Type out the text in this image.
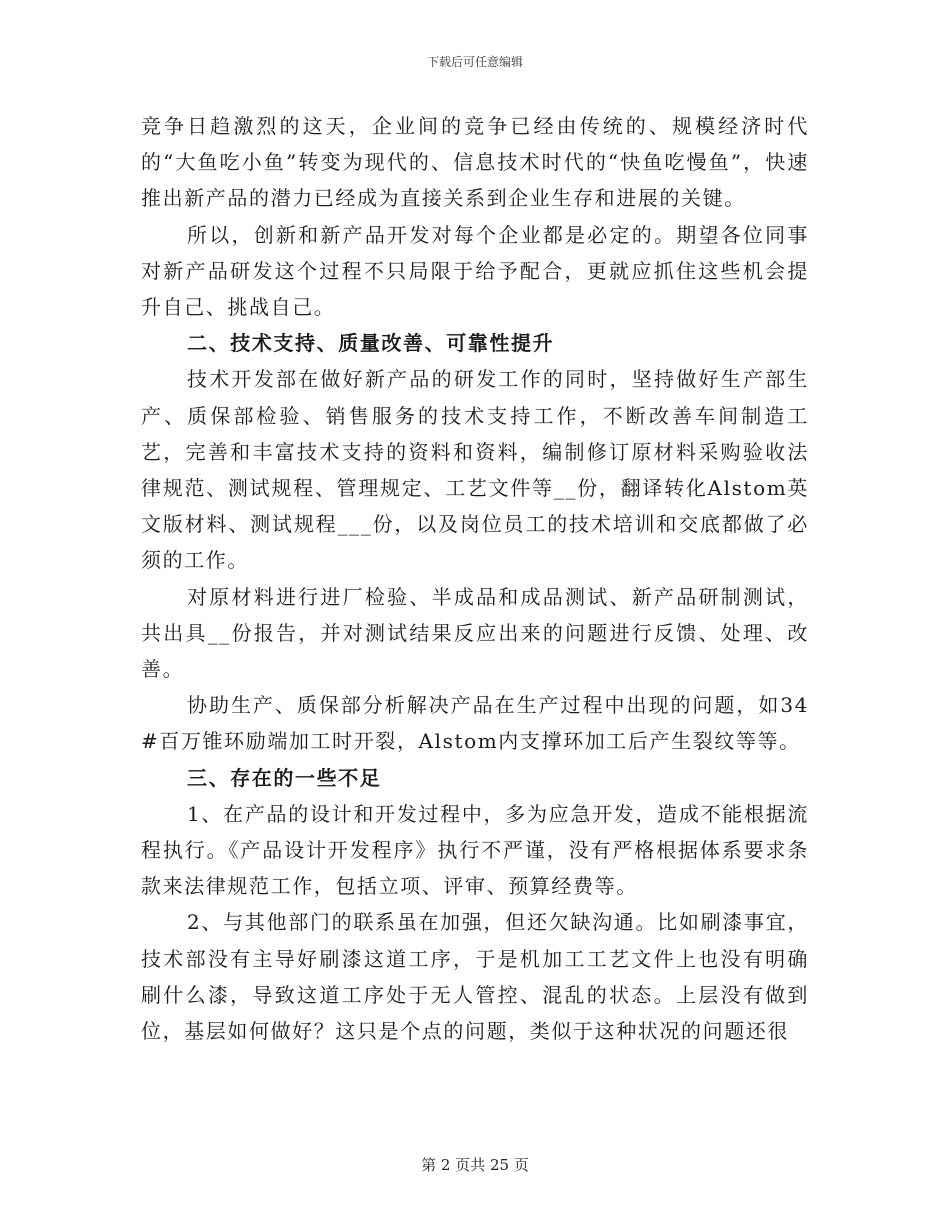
下载后可任意编辑

竞争日趋激烈的这天，企业间的竞争已经由传统的、规模经济时代的“大鱼吃小鱼”转变为现代的、信息技术时代的“快鱼吃慢鱼”，快速推出新产品的潜力已经成为直接关系到企业生存和进展的关键。

所以，创新和新产品开发对每个企业都是必定的。期望各位同事对新产品研发这个过程不只局限于给予配合，更就应抓住这些机会提升自己、挑战自己。

二、技术支持、质量改善、可靠性提升

技术开发部在做好新产品的研发工作的同时，坚持做好生产部生产、质保部检验、销售服务的技术支持工作，不断改善车间制造工艺，完善和丰富技术支持的资料和资料，编制修订原材料采购验收法律规范、测试规程、管理规定、工艺文件等__份，翻译转化Alstom英文版材料、测试规程___份，以及岗位员工的技术培训和交底都做了必须的工作。

对原材料进行进厂检验、半成品和成品测试、新产品研制测试，共出具__份报告，并对测试结果反应出来的问题进行反馈、处理、改善。

协助生产、质保部分析解决产品在生产过程中出现的问题，如34#百万锥环励端加工时开裂，Alstom内支撑环加工后产生裂纹等等。

三、存在的一些不足

1、在产品的设计和开发过程中，多为应急开发，造成不能根据流程执行。《产品设计开发程序》执行不严谨，没有严格根据体系要求条款来法律规范工作，包括立项、评审、预算经费等。

2、与其他部门的联系虽在加强，但还欠缺沟通。比如刷漆事宜，技术部没有主导好刷漆这道工序，于是机加工工艺文件上也没有明确刷什么漆，导致这道工序处于无人管控、混乱的状态。上层没有做到位，基层如何做好？这只是个点的问题，类似于这种状况的问题还很

第 2 页共 25 页
